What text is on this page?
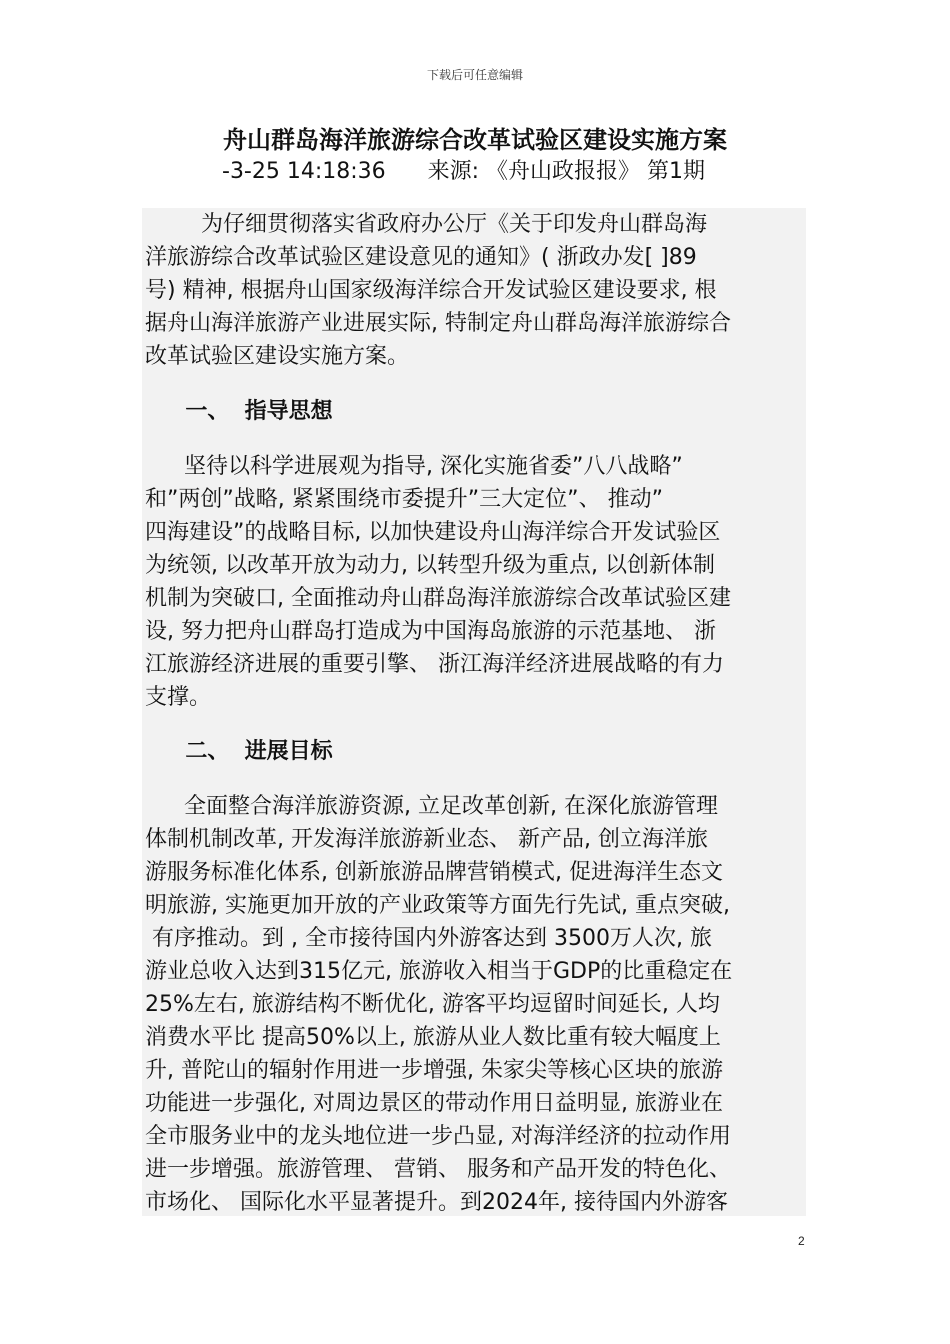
下载后可任意编辑
舟山群岛海洋旅游综合改革试验区建设实施方案
-3-25 14:18:36      来源: 《舟山政报报》 第1期
为仔细贯彻落实省政府办公厅《关于印发舟山群岛海
洋旅游综合改革试验区建设意见的通知》( 浙政办发[ ]89
号) 精神, 根据舟山国家级海洋综合开发试验区建设要求, 根
据舟山海洋旅游产业进展实际, 特制定舟山群岛海洋旅游综合
改革试验区建设实施方案。
一、  指导思想
坚待以科学进展观为指导, 深化实施省委”八八战略”
和”两创”战略, 紧紧围绕市委提升”三大定位”、 推动”
四海建设”的战略目标, 以加快建设舟山海洋综合开发试验区
为统领, 以改革开放为动力, 以转型升级为重点, 以创新体制
机制为突破口, 全面推动舟山群岛海洋旅游综合改革试验区建
设, 努力把舟山群岛打造成为中国海岛旅游的示范基地、 浙
江旅游经济进展的重要引擎、 浙江海洋经济进展战略的有力
支撑。
二、  进展目标
全面整合海洋旅游资源, 立足改革创新, 在深化旅游管理
体制机制改革, 开发海洋旅游新业态、 新产品, 创立海洋旅
游服务标准化体系, 创新旅游品牌营销模式, 促进海洋生态文
明旅游, 实施更加开放的产业政策等方面先行先试, 重点突破,
有序推动。到 , 全市接待国内外游客达到 3500万人次, 旅
游业总收入达到315亿元, 旅游收入相当于GDP的比重稳定在
25%左右, 旅游结构不断优化, 游客平均逗留时间延长, 人均
消费水平比 提高50%以上, 旅游从业人数比重有较大幅度上
升, 普陀山的辐射作用进一步增强, 朱家尖等核心区块的旅游
功能进一步强化, 对周边景区的带动作用日益明显, 旅游业在
全市服务业中的龙头地位进一步凸显, 对海洋经济的拉动作用
进一步增强。旅游管理、 营销、 服务和产品开发的特色化、
市场化、 国际化水平显著提升。到2024年, 接待国内外游客
2
